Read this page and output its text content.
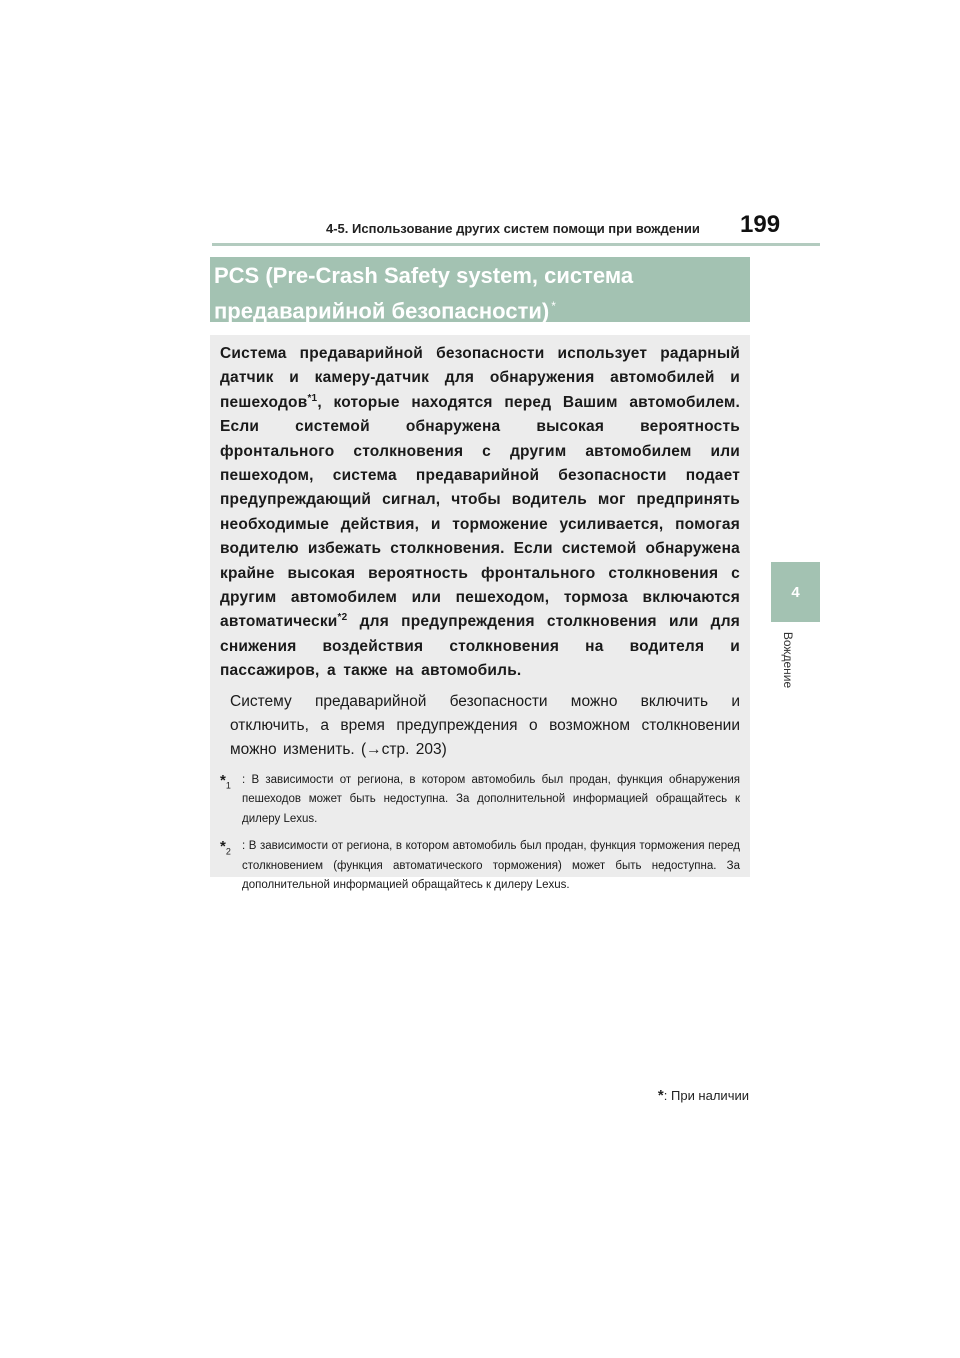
4-5. Использование других систем помощи при вождении 199
4
Вождение
PCS (Pre-Crash Safety system, система
предаварийной безопасности) *

Система предаварийной безопасности использует радарный датчик и камеру-датчик для обнаружения автомобилей и пешеходов$^{*1}$, которые находятся перед Вашим автомобилем. Если системой обнаружена высокая вероятность фронтального столкновения с другим автомобилем или пешеходом, система предаварийной безопасности подает предупреждающий сигнал, чтобы водитель мог предпринять необходимые действия, и торможение усиливается, помогая водителю избежать столкновения. Если системой обнаружена крайне высокая вероятность фронтального столкновения с другим автомобилем или пешеходом, тормоза включаются автоматически$^{*2}$ для предупреждения столкновения или для снижения воздействия столкновения на водителя и пассажиров, а также на автомобиль.

Систему предаварийной безопасности можно включить и отключить, а время предупреждения о возможном столкновении можно изменить. (→стр. 203)

$*_1$ : В зависимости от региона, в котором автомобиль был продан, функция обнаружения пешеходов может быть недоступна. За дополнительной информацией обращайтесь к дилеру Lexus.
$*_2$ : В зависимости от региона, в котором автомобиль был продан, функция торможения перед столкновением (функция автоматического торможения) может быть недоступна. За дополнительной информацией обращайтесь к дилеру Lexus.
*: При наличии
